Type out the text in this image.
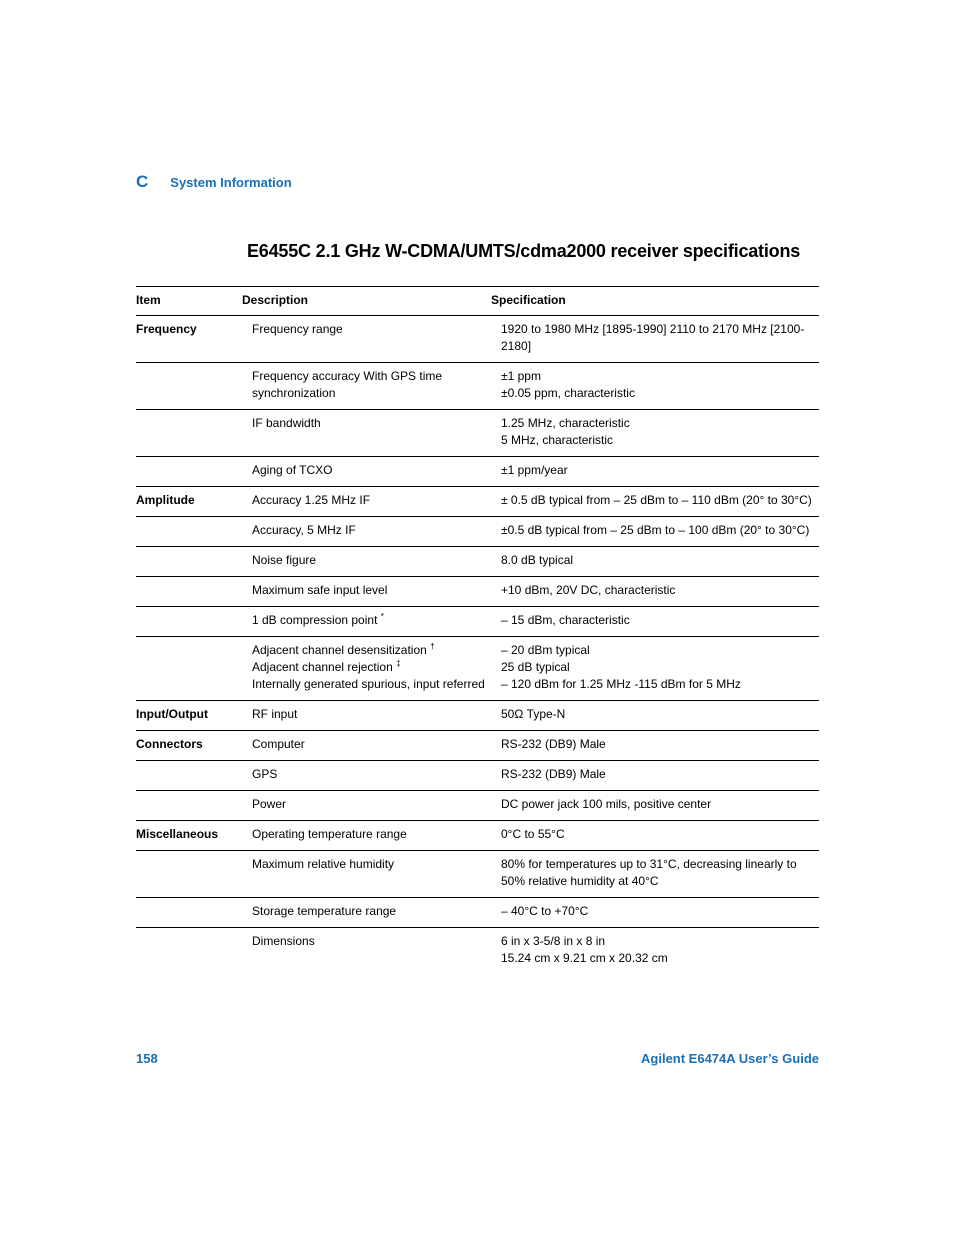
C System Information
E6455C 2.1 GHz W-CDMA/UMTS/cdma2000 receiver specifications
Item	Description	Specification
Frequency	Frequency range	1920 to 1980 MHz [1895-1990] 2110 to 2170 MHz [2100-2180]

	Frequency accuracy With GPS time synchronization	±1 ppm
±0.05 ppm, characteristic

	IF bandwidth	1.25 MHz, characteristic
5 MHz, characteristic

	Aging of TCXO	±1 ppm/year

Amplitude	Accuracy 1.25 MHz IF	± 0.5 dB typical from – 25 dBm to – 110 dBm (20° to 30°C)

	Accuracy, 5 MHz IF	±0.5 dB typical from – 25 dBm to – 100 dBm (20° to 30°C)

	Noise figure	8.0 dB typical

	Maximum safe input level	+10 dBm, 20V DC, characteristic

	1 dB compression point *	– 15 dBm, characteristic

	Adjacent channel desensitization †
Adjacent channel rejection ‡
Internally generated spurious, input referred	– 20 dBm typical
25 dB typical
– 120 dBm for 1.25 MHz -115 dBm for 5 MHz

Input/Output	RF input	50Ω Type-N

Connectors	Computer	RS-232 (DB9) Male

	GPS	RS-232 (DB9) Male

	Power	DC power jack 100 mils, positive center

Miscellaneous	Operating temperature range	0°C to 55°C

	Maximum relative humidity	80% for temperatures up to 31°C, decreasing linearly to 50% relative humidity at 40°C

	Storage temperature range	– 40°C to +70°C

	Dimensions	6 in x 3-5/8 in x 8 in
15.24 cm x 9.21 cm x 20.32 cm
158	Agilent E6474A User’s Guide
